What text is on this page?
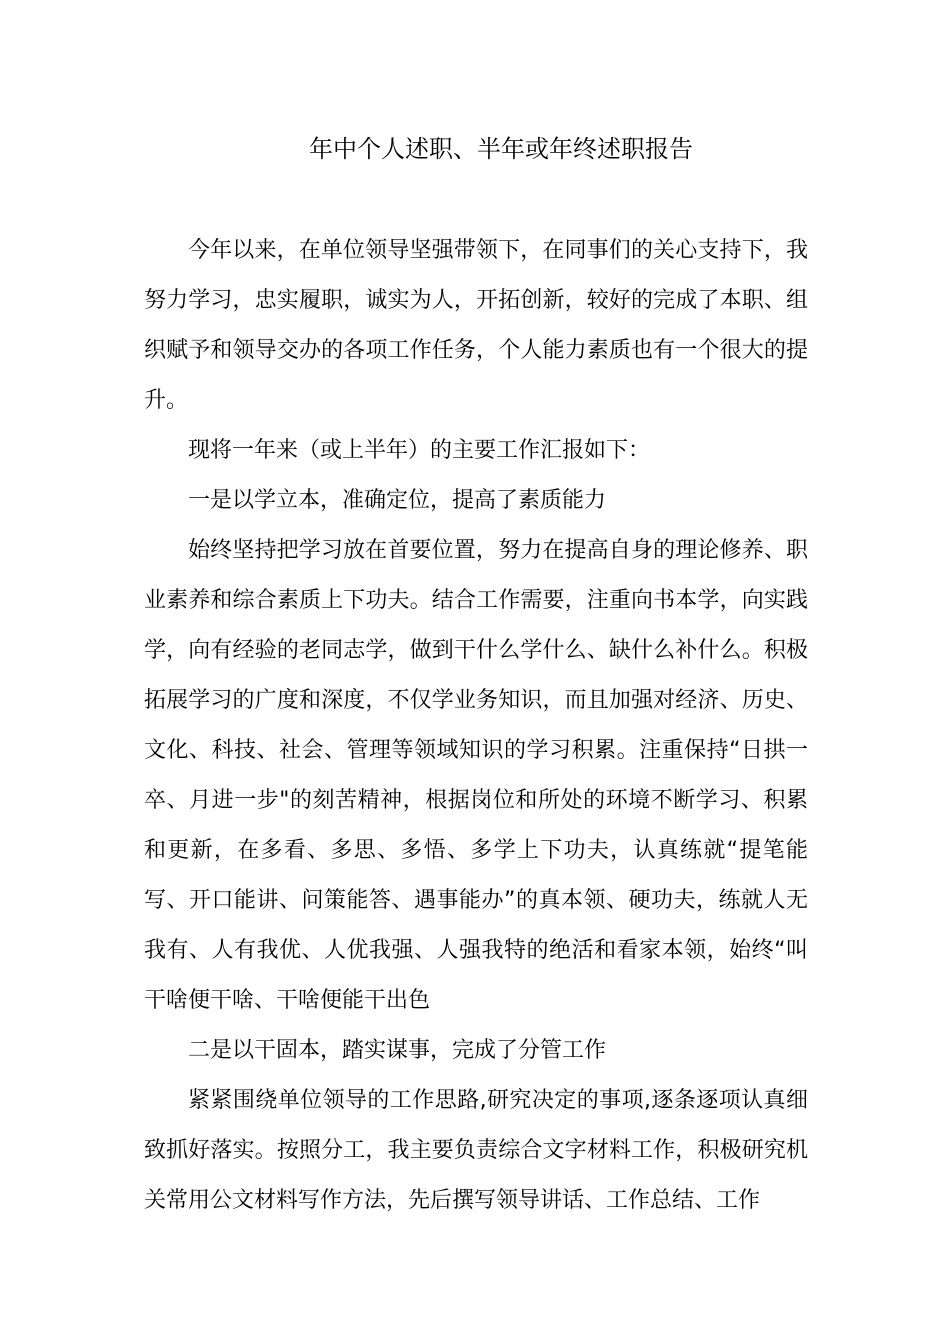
年中个人述职、半年或年终述职报告

今年以来，在单位领导坚强带领下，在同事们的关心支持下，我努力学习，忠实履职，诚实为人，开拓创新，较好的完成了本职、组织赋予和领导交办的各项工作任务，个人能力素质也有一个很大的提升。

现将一年来（或上半年）的主要工作汇报如下：

一是以学立本，准确定位，提高了素质能力

始终坚持把学习放在首要位置，努力在提高自身的理论修养、职业素养和综合素质上下功夫。结合工作需要，注重向书本学，向实践学，向有经验的老同志学，做到干什么学什么、缺什么补什么。积极拓展学习的广度和深度，不仅学业务知识，而且加强对经济、历史、文化、科技、社会、管理等领域知识的学习积累。注重保持“日拱一卒、月进一步"的刻苦精神，根据岗位和所处的环境不断学习、积累和更新，在多看、多思、多悟、多学上下功夫，认真练就“提笔能写、开口能讲、问策能答、遇事能办”的真本领、硬功夫，练就人无我有、人有我优、人优我强、人强我特的绝活和看家本领，始终“叫干啥便干啥、干啥便能干出色

二是以干固本，踏实谋事，完成了分管工作

紧紧围绕单位领导的工作思路,研究决定的事项,逐条逐项认真细致抓好落实。按照分工，我主要负责综合文字材料工作，积极研究机关常用公文材料写作方法，先后撰写领导讲话、工作总结、工作
